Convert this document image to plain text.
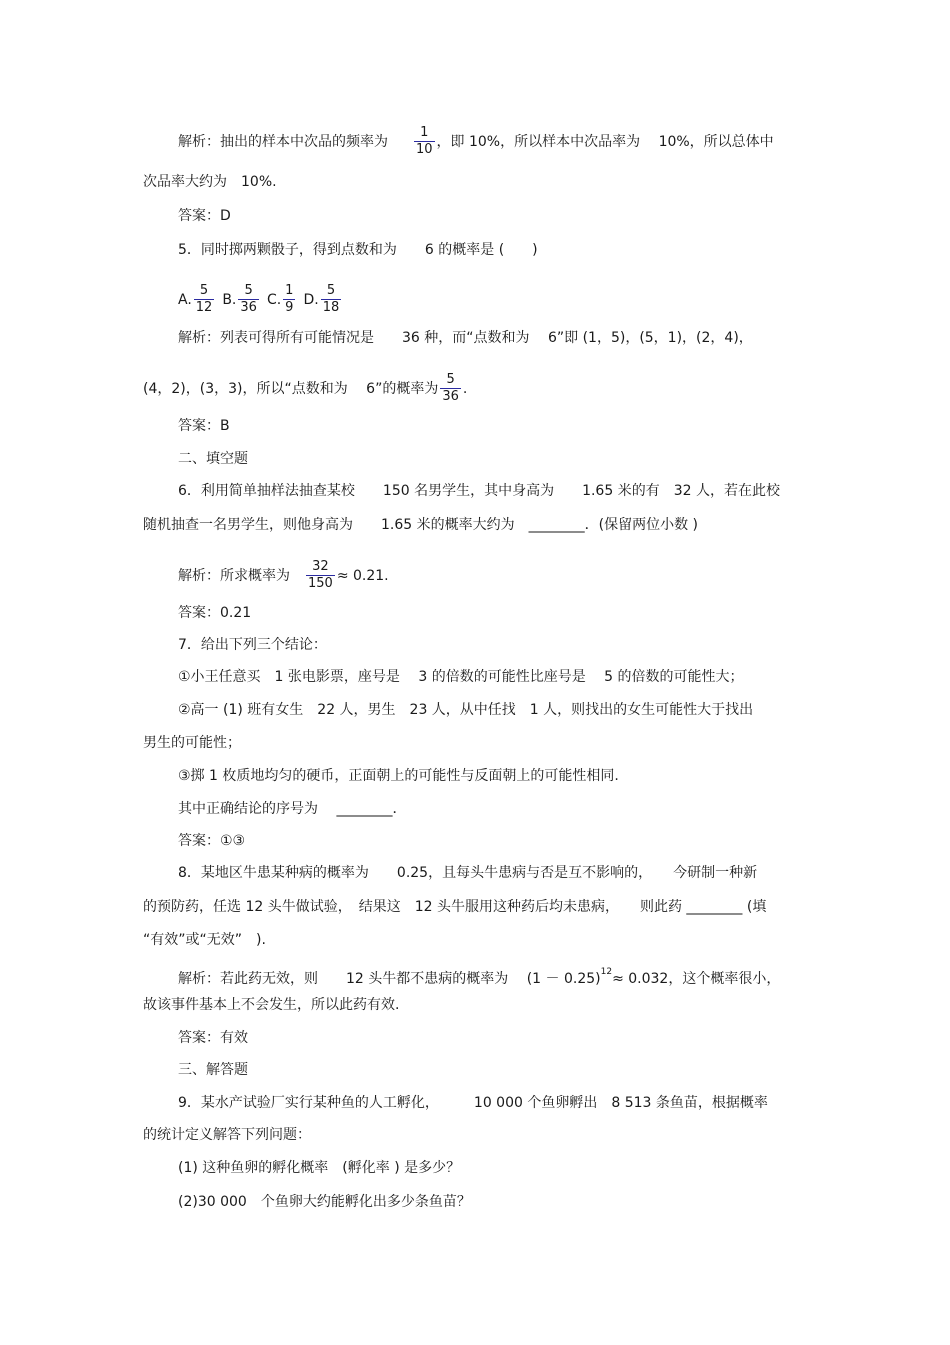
解析：抽出的样本中次品的频率为 $\frac{1}{10}$ ，即 10%，所以样本中次品率为　 10%，所以总体中
次品率大约为　10%.
答案：D
5．同时掷两颗骰子，得到点数和为　　6 的概率是 (　　)
A. $\frac{5}{12} B$. $\frac{5}{36} C$. $\frac{1}{9} D$. $\frac{5}{18}$
解析：列表可得所有可能情况是　　36 种，而“点数和为　 6”即 (1，5)，(5，1)，(2，4)，
(4，2)，(3，3)，所以“点数和为　 6”的概率为 $\frac{5}{36}$ .
答案：B
二、填空题
6．利用简单抽样法抽查某校　　150 名男学生，其中身高为　　1.65 米的有　32 人，若在此校
随机抽查一名男学生，则他身高为　　1.65 米的概率大约为　________．(保留两位小数 )
解析：所求概率为 $\frac{32}{150} \approx 0.21$.
答案：0.21
7．给出下列三个结论：
①小王任意买　1 张电影票，座号是　 3 的倍数的可能性比座号是　 5 的倍数的可能性大；
②高一 (1) 班有女生　22 人，男生　23 人，从中任找　1 人，则找出的女生可能性大于找出
男生的可能性；
③掷 1 枚质地均匀的硬币，正面朝上的可能性与反面朝上的可能性相同.
其中正确结论的序号为　 ________．
答案：①③
8．某地区牛患某种病的概率为　　0.25，且每头牛患病与否是互不影响的，　　今研制一种新
的预防药，任选 12 头牛做试验，　结果这　12 头牛服用这种药后均未患病，　　则此药 ________ (填
“有效”或“无效”　).
解析：若此药无效，则　　12 头牛都不患病的概率为　 $(1 - 0.25)^{12}\approx 0.032$，这个概率很小，
故该事件基本上不会发生，所以此药有效.
答案：有效
三、解答题
9．某水产试验厂实行某种鱼的人工孵化，　　　10 000 个鱼卵孵出　8 513 条鱼苗，根据概率
的统计定义解答下列问题：
(1) 这种鱼卵的孵化概率　(孵化率 ) 是多少？
(2)30 000　个鱼卵大约能孵化出多少条鱼苗？
